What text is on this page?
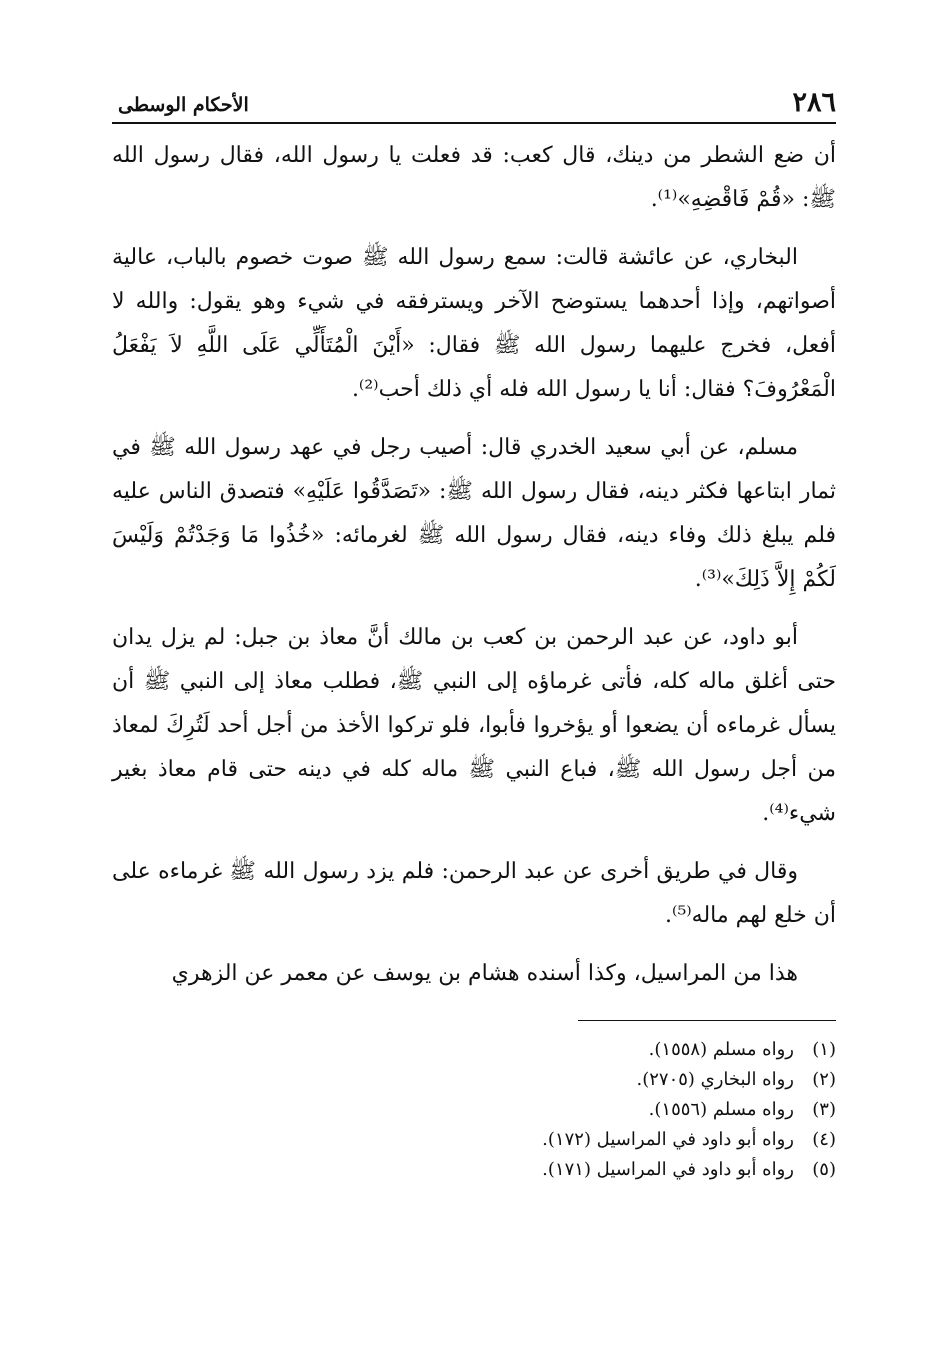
٢٨٦
الأحكام الوسطى

أن ضع الشطر من دينك، قال كعب: قد فعلت يا رسول الله، فقال رسول الله ﷺ: «قُمْ فَاقْضِهِ»⁽¹⁾.

البخاري، عن عائشة قالت: سمع رسول الله ﷺ صوت خصوم بالباب، عالية أصواتهم، وإذا أحدهما يستوضح الآخر ويسترفقه في شيء وهو يقول: والله لا أفعل، فخرج عليهما رسول الله ﷺ فقال: «أَيْنَ الْمُتَأَلِّي عَلَى اللَّهِ لاَ يَفْعَلُ الْمَعْرُوفَ؟ فقال: أنا يا رسول الله فله أي ذلك أحب⁽²⁾.

مسلم، عن أبي سعيد الخدري قال: أصيب رجل في عهد رسول الله ﷺ في ثمار ابتاعها فكثر دينه، فقال رسول الله ﷺ: «تَصَدَّقُوا عَلَيْهِ» فتصدق الناس عليه فلم يبلغ ذلك وفاء دينه، فقال رسول الله ﷺ لغرمائه: «خُذُوا مَا وَجَدْتُمْ وَلَيْسَ لَكُمْ إِلاَّ ذَلِكَ»⁽³⁾.

أبو داود، عن عبد الرحمن بن كعب بن مالك أنَّ معاذ بن جبل: لم يزل يدان حتى أغلق ماله كله، فأتى غرماؤه إلى النبي ﷺ، فطلب معاذ إلى النبي ﷺ أن يسأل غرماءه أن يضعوا أو يؤخروا فأبوا، فلو تركوا الأخذ من أجل أحد لَتُرِكَ لمعاذ من أجل رسول الله ﷺ، فباع النبي ﷺ ماله كله في دينه حتى قام معاذ بغير شيء⁽⁴⁾.

وقال في طريق أخرى عن عبد الرحمن: فلم يزد رسول الله ﷺ غرماءه على أن خلع لهم ماله⁽⁵⁾.

هذا من المراسيل، وكذا أسنده هشام بن يوسف عن معمر عن الزهري

(١)
رواه مسلم (١٥٥٨).
(٢)
رواه البخاري (٢٧٠٥).
(٣)
رواه مسلم (١٥٥٦).
(٤)
رواه أبو داود في المراسيل (١٧٢).
(٥)
رواه أبو داود في المراسيل (١٧١).
